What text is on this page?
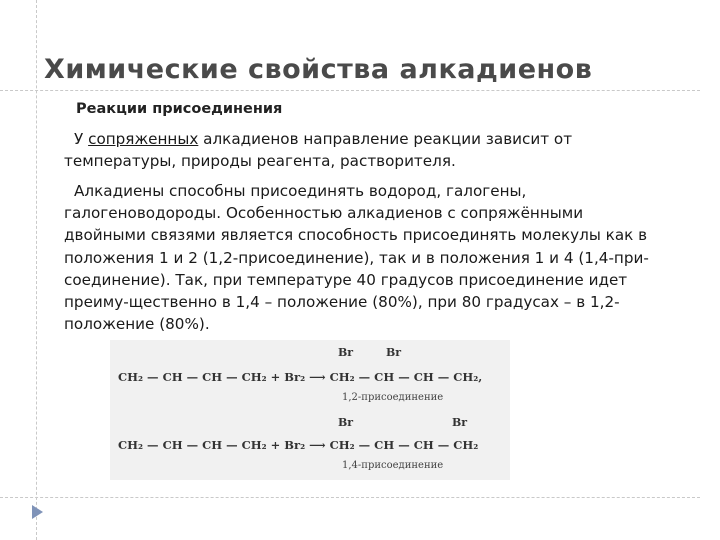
Химические свойства алкадиенов

Реакции присоединения

У сопряженных алкадиенов направление реакции зависит от температуры, природы реагента, растворителя.

Алкадиены способны присоединять водород, галогены, галогеноводороды. Особенностью алкадиенов с сопряжёнными двойными связями является способность присоединять молекулы как в положения 1 и 2 (1,2-присоединение), так и в положения 1 и 4 (1,4-при-соединение). Так, при температуре 40 градусов присоединение идет преиму-щественно в 1,4 – положение (80%), при 80 градусах – в 1,2-положение (80%).

Br	Br
CH₂ — CH — CH — CH₂ + Br₂ ⟶ CH₂ — CH — CH — CH₂,
1,2-присоединение
Br	Br
CH₂ — CH — CH — CH₂ + Br₂ ⟶ CH₂ — CH — CH — CH₂
1,4-присоединение
